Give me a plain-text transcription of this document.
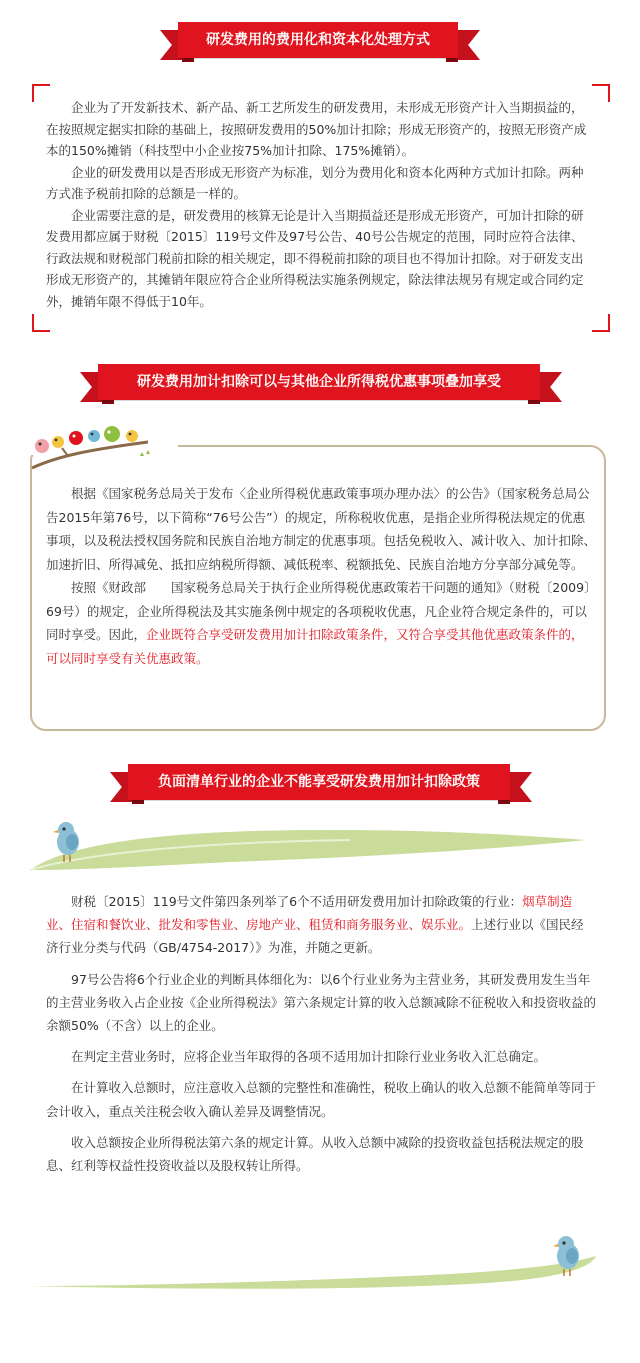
研发费用的费用化和资本化处理方式

企业为了开发新技术、新产品、新工艺所发生的研发费用，未形成无形资产计入当期损益的，在按照规定据实扣除的基础上，按照研发费用的50%加计扣除；形成无形资产的，按照无形资产成本的150%摊销（科技型中小企业按75%加计扣除、175%摊销）。

企业的研发费用以是否形成无形资产为标准，划分为费用化和资本化两种方式加计扣除。两种方式准予税前扣除的总额是一样的。

企业需要注意的是，研发费用的核算无论是计入当期损益还是形成无形资产，可加计扣除的研发费用都应属于财税〔2015〕119号文件及97号公告、40号公告规定的范围，同时应符合法律、行政法规和财税部门税前扣除的相关规定，即不得税前扣除的项目也不得加计扣除。对于研发支出形成无形资产的，其摊销年限应符合企业所得税法实施条例规定，除法律法规另有规定或合同约定外，摊销年限不得低于10年。

研发费用加计扣除可以与其他企业所得税优惠事项叠加享受

根据《国家税务总局关于发布〈企业所得税优惠政策事项办理办法〉的公告》（国家税务总局公告2015年第76号，以下简称“76号公告”）的规定，所称税收优惠，是指企业所得税法规定的优惠事项，以及税法授权国务院和民族自治地方制定的优惠事项。包括免税收入、减计收入、加计扣除、加速折旧、所得减免、抵扣应纳税所得额、减低税率、税额抵免、民族自治地方分享部分减免等。

按照《财政部　　国家税务总局关于执行企业所得税优惠政策若干问题的通知》（财税〔2009〕69号）的规定，企业所得税法及其实施条例中规定的各项税收优惠，凡企业符合规定条件的，可以同时享受。因此，企业既符合享受研发费用加计扣除政策条件，又符合享受其他优惠政策条件的，可以同时享受有关优惠政策。

负面清单行业的企业不能享受研发费用加计扣除政策

财税〔2015〕119号文件第四条列举了6个不适用研发费用加计扣除政策的行业：烟草制造业、住宿和餐饮业、批发和零售业、房地产业、租赁和商务服务业、娱乐业。上述行业以《国民经济行业分类与代码（GB/4754-2017）》为准，并随之更新。

97号公告将6个行业企业的判断具体细化为：以6个行业业务为主营业务，其研发费用发生当年的主营业务收入占企业按《企业所得税法》第六条规定计算的收入总额减除不征税收入和投资收益的余额50%（不含）以上的企业。

在判定主营业务时，应将企业当年取得的各项不适用加计扣除行业业务收入汇总确定。

在计算收入总额时，应注意收入总额的完整性和准确性，税收上确认的收入总额不能简单等同于会计收入，重点关注税会收入确认差异及调整情况。

收入总额按企业所得税法第六条的规定计算。从收入总额中减除的投资收益包括税法规定的股息、红利等权益性投资收益以及股权转让所得。
